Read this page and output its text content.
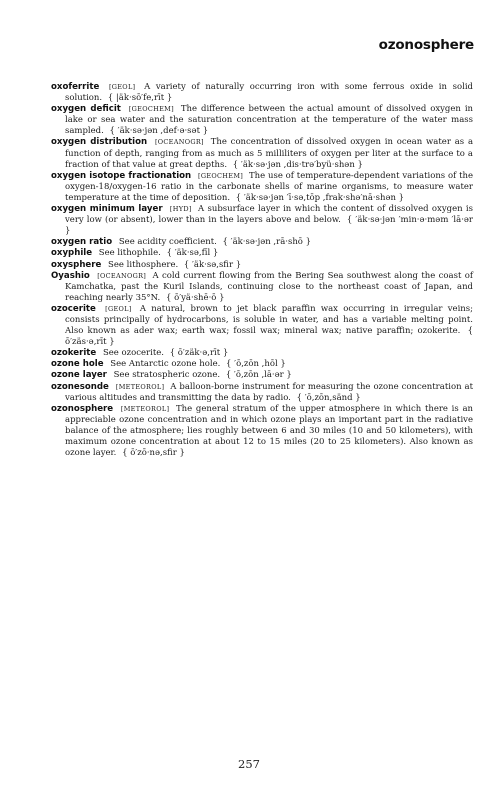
ozonosphere

oxoferrite [GEOL] A variety of naturally occurring iron with some ferrous oxide in solid solution. { |äk·sō′fe,rīt }

oxygen deficit [GEOCHEM] The difference between the actual amount of dissolved oxygen in lake or sea water and the saturation concentration at the temperature of the water mass sampled. { ′äk·sə·jən ,def·ə·sət }

oxygen distribution [OCEANOGR] The concentration of dissolved oxygen in ocean water as a function of depth, ranging from as much as 5 milliliters of oxygen per liter at the surface to a fraction of that value at great depths. { ′äk·sə·jən ,dis·trə′byü·shən }

oxygen isotope fractionation [GEOCHEM] The use of temperature-dependent variations of the oxygen-18/oxygen-16 ratio in the carbonate shells of marine organisms, to measure water temperature at the time of deposition. { ′äk·sə·jən ′ī·sə,tōp ,frak·shə′nā·shən }

oxygen minimum layer [HYD] A subsurface layer in which the content of dissolved oxygen is very low (or absent), lower than in the layers above and below. { ′äk·sə·jən ′min·ə·məm ′lā·ər }

oxygen ratio See acidity coefficient. { ′äk·sə·jən ,rā·shō }

oxyphile See lithophile. { ′äk·sə,fīl }

oxysphere See lithosphere. { ′äk·sə,sfir }

Oyashio [OCEANOGR] A cold current flowing from the Bering Sea southwest along the coast of Kamchatka, past the Kuril Islands, continuing close to the northeast coast of Japan, and reaching nearly 35°N. { ō′yä·shē·ō }

ozocerite [GEOL] A natural, brown to jet black paraffin wax occurring in irregular veins; consists principally of hydrocarbons, is soluble in water, and has a variable melting point. Also known as ader wax; earth wax; fossil wax; mineral wax; native paraffin; ozokerite. { ō′zäs·ə,rīt }

ozokerite See ozocerite. { ō′zäk·ə,rīt }

ozone hole See Antarctic ozone hole. { ′ō,zōn ,hōl }

ozone layer See stratospheric ozone. { ′ō,zōn ,lā·ər }

ozonesonde [METEOROL] A balloon-borne instrument for measuring the ozone concentration at various altitudes and transmitting the data by radio. { ′ō,zōn,sänd }

ozonosphere [METEOROL] The general stratum of the upper atmosphere in which there is an appreciable ozone concentration and in which ozone plays an important part in the radiative balance of the atmosphere; lies roughly between 6 and 30 miles (10 and 50 kilometers), with maximum ozone concentration at about 12 to 15 miles (20 to 25 kilometers). Also known as ozone layer. { ō′zō·nə,sfir }

257
